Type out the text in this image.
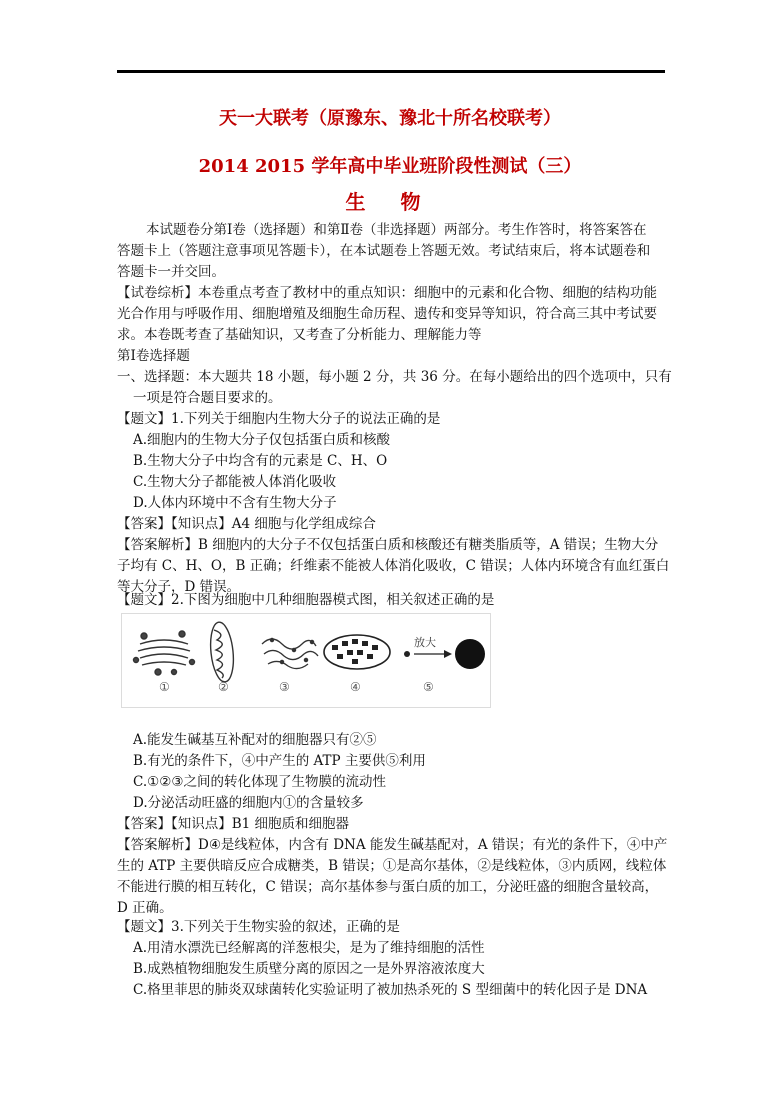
天一大联考（原豫东、豫北十所名校联考）
2014 2015 学年高中毕业班阶段性测试（三）
生 物
本试题卷分第Ⅰ卷（选择题）和第Ⅱ卷（非选择题）两部分。考生作答时，将答案答在
答题卡上（答题注意事项见答题卡），在本试题卷上答题无效。考试结束后，将本试题卷和
答题卡一并交回。
【试卷综析】本卷重点考查了教材中的重点知识：细胞中的元素和化合物、细胞的结构功能
光合作用与呼吸作用、细胞增殖及细胞生命历程、遗传和变异等知识，符合高三其中考试要
求。本卷既考查了基础知识，又考查了分析能力、理解能力等
第Ⅰ卷选择题
一、选择题：本大题共 18 小题，每小题 2 分，共 36 分。在每小题给出的四个选项中，只有
一项是符合题目要求的。
【题文】1.下列关于细胞内生物大分子的说法正确的是
A.细胞内的生物大分子仅包括蛋白质和核酸
B.生物大分子中均含有的元素是 C、H、O
C.生物大分子都能被人体消化吸收
D.人体内环境中不含有生物大分子
【答案】【知识点】A4 细胞与化学组成综合
【答案解析】B 细胞内的大分子不仅包括蛋白质和核酸还有糖类脂质等，A 错误；生物大分
子均有 C、H、O，B 正确；纤维素不能被人体消化吸收，C 错误；人体内环境含有血红蛋白
等大分子，D 错误。
【题文】2.下图为细胞中几种细胞器模式图，相关叙述正确的是
放大
①	②	③	④	⑤
A.能发生碱基互补配对的细胞器只有②⑤
B.有光的条件下，④中产生的 ATP 主要供⑤利用
C.①②③之间的转化体现了生物膜的流动性
D.分泌活动旺盛的细胞内①的含量较多
【答案】【知识点】B1 细胞质和细胞器
【答案解析】D④是线粒体，内含有 DNA 能发生碱基配对，A 错误；有光的条件下，④中产
生的 ATP 主要供暗反应合成糖类，B 错误；①是高尔基体，②是线粒体，③内质网，线粒体
不能进行膜的相互转化，C 错误；高尔基体参与蛋白质的加工，分泌旺盛的细胞含量较高，
D 正确。
【题文】3.下列关于生物实验的叙述，正确的是
A.用清水漂洗已经解离的洋葱根尖，是为了维持细胞的活性
B.成熟植物细胞发生质壁分离的原因之一是外界溶液浓度大
C.格里菲思的肺炎双球菌转化实验证明了被加热杀死的 S 型细菌中的转化因子是 DNA
